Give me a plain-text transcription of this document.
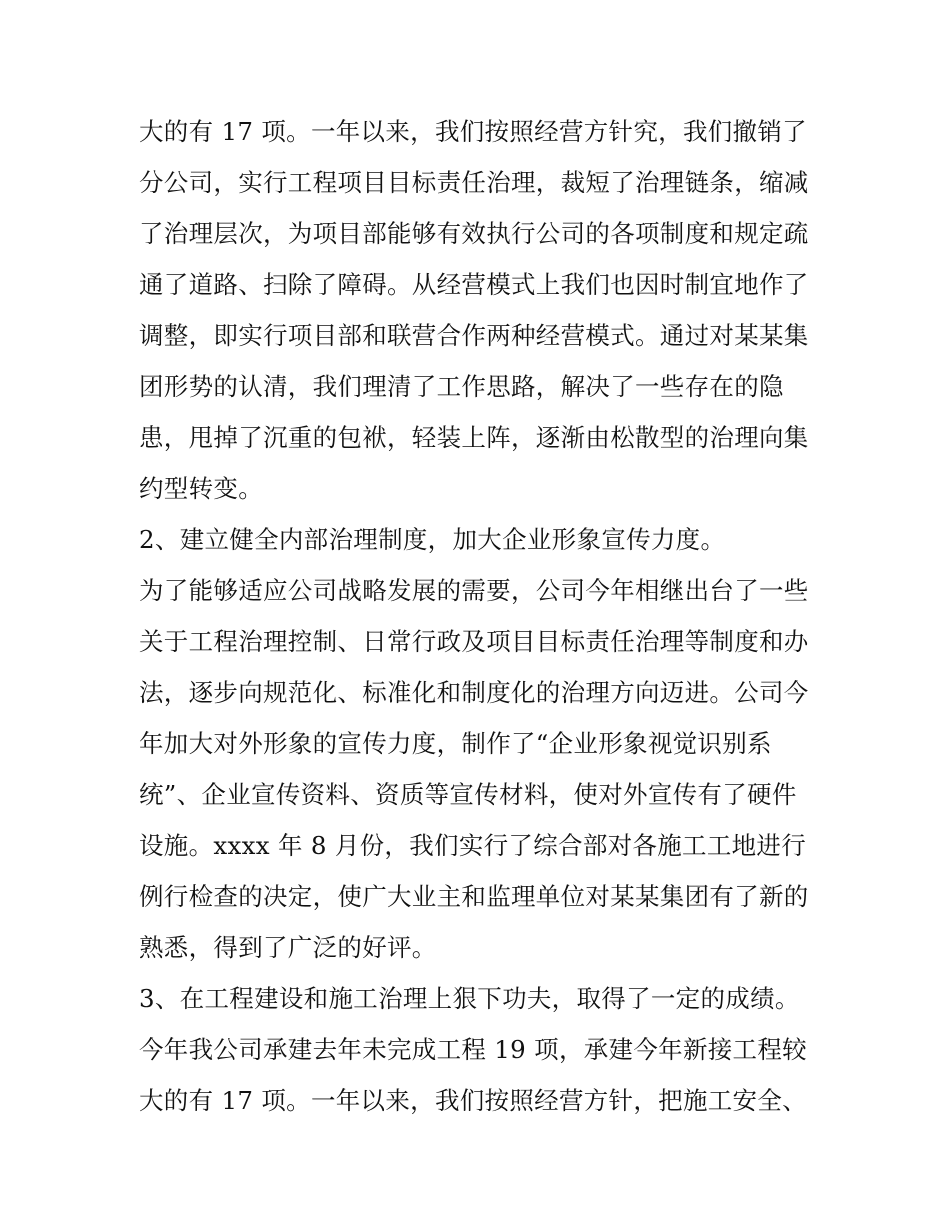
大的有 17 项。一年以来，我们按照经营方针究，我们撤销了
分公司，实行工程项目目标责任治理，裁短了治理链条，缩减
了治理层次，为项目部能够有效执行公司的各项制度和规定疏
通了道路、扫除了障碍。从经营模式上我们也因时制宜地作了
调整，即实行项目部和联营合作两种经营模式。通过对某某集
团形势的认清，我们理清了工作思路，解决了一些存在的隐
患，甩掉了沉重的包袱，轻装上阵，逐渐由松散型的治理向集
约型转变。
2、建立健全内部治理制度，加大企业形象宣传力度。
为了能够适应公司战略发展的需要，公司今年相继出台了一些
关于工程治理控制、日常行政及项目目标责任治理等制度和办
法，逐步向规范化、标准化和制度化的治理方向迈进。公司今
年加大对外形象的宣传力度，制作了“企业形象视觉识别系
统”、企业宣传资料、资质等宣传材料，使对外宣传有了硬件
设施。xxxx 年 8 月份，我们实行了综合部对各施工工地进行
例行检查的决定，使广大业主和监理单位对某某集团有了新的
熟悉，得到了广泛的好评。
3、在工程建设和施工治理上狠下功夫，取得了一定的成绩。
今年我公司承建去年未完成工程 19 项，承建今年新接工程较
大的有 17 项。一年以来，我们按照经营方针，把施工安全、
